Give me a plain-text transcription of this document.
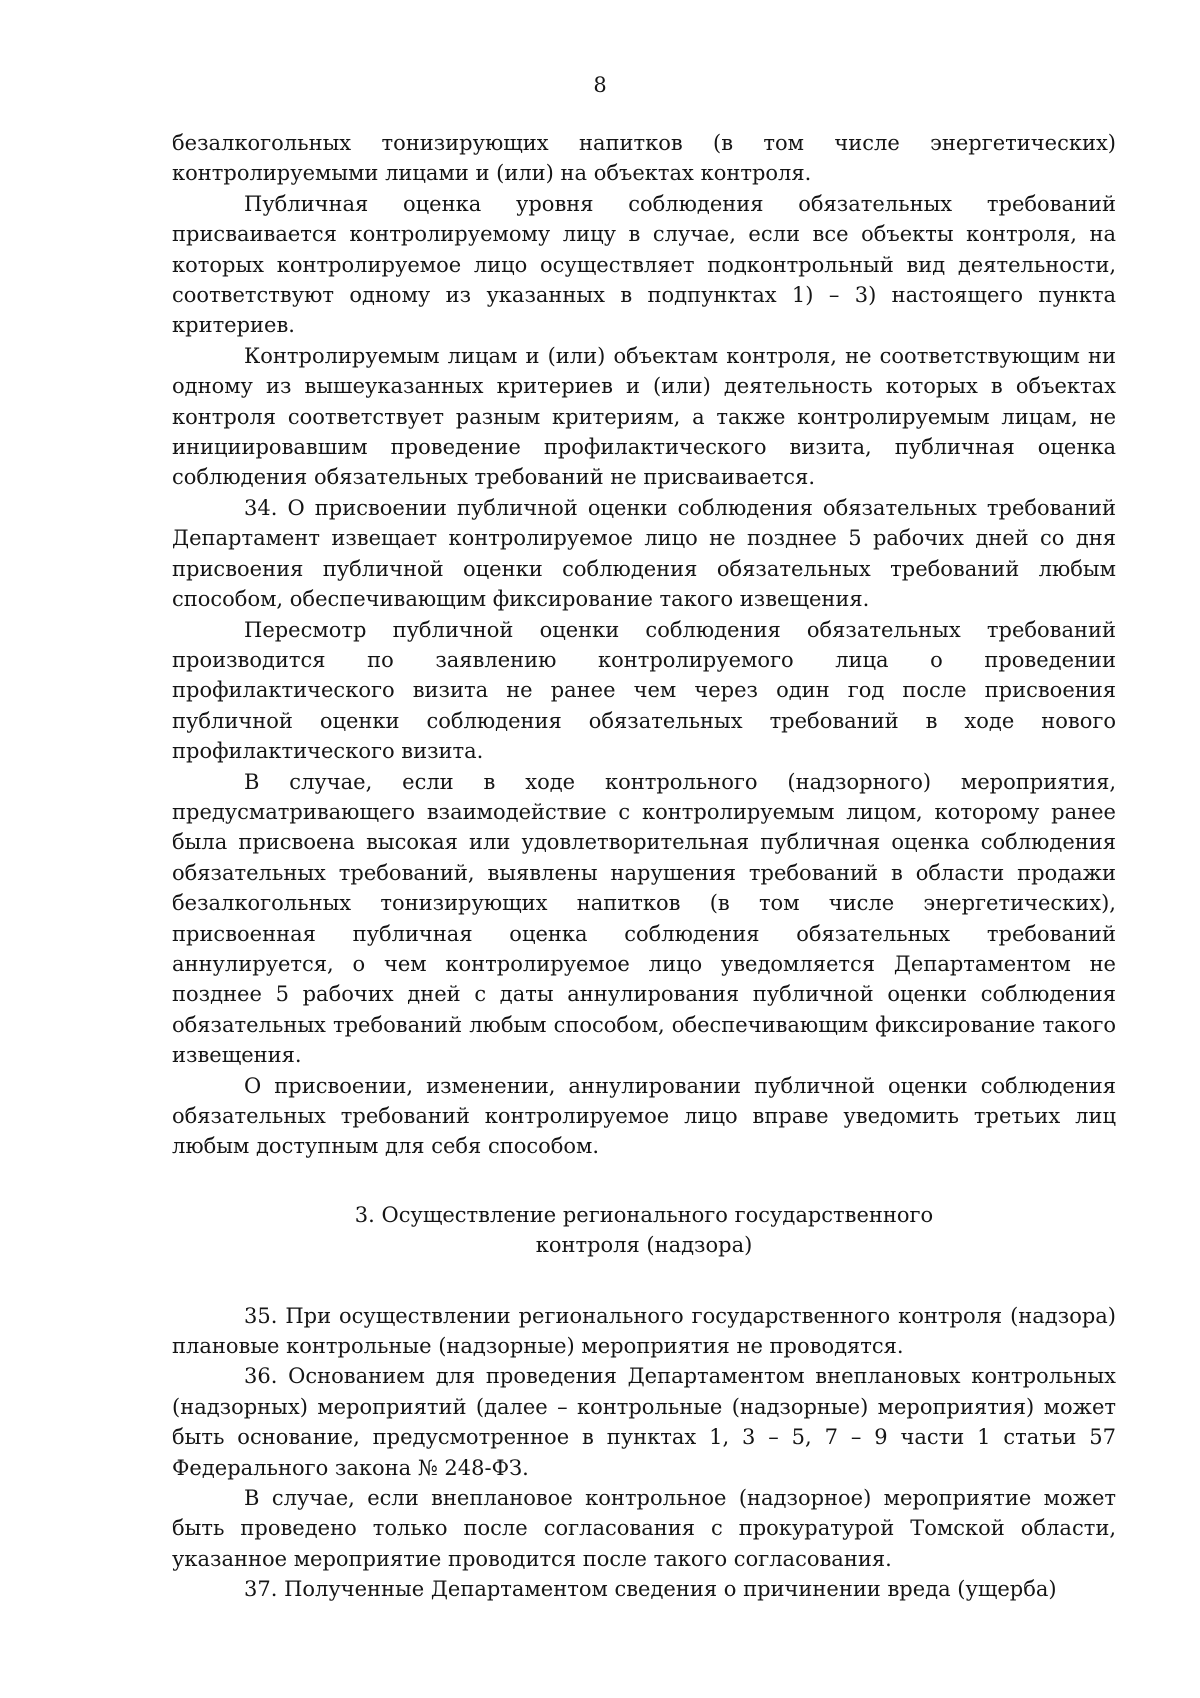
8

безалкогольных тонизирующих напитков (в том числе энергетических) контролируемыми лицами и (или) на объектах контроля.

Публичная оценка уровня соблюдения обязательных требований присваивается контролируемому лицу в случае, если все объекты контроля, на которых контролируемое лицо осуществляет подконтрольный вид деятельности, соответствуют одному из указанных в подпунктах 1) – 3) настоящего пункта критериев.

Контролируемым лицам и (или) объектам контроля, не соответствующим ни одному из вышеуказанных критериев и (или) деятельность которых в объектах контроля соответствует разным критериям, а также контролируемым лицам, не инициировавшим проведение профилактического визита, публичная оценка соблюдения обязательных требований не присваивается.

34. О присвоении публичной оценки соблюдения обязательных требований Департамент извещает контролируемое лицо не позднее 5 рабочих дней со дня присвоения публичной оценки соблюдения обязательных требований любым способом, обеспечивающим фиксирование такого извещения.

Пересмотр публичной оценки соблюдения обязательных требований производится по заявлению контролируемого лица о проведении профилактического визита не ранее чем через один год после присвоения публичной оценки соблюдения обязательных требований в ходе нового профилактического визита.

В случае, если в ходе контрольного (надзорного) мероприятия, предусматривающего взаимодействие с контролируемым лицом, которому ранее была присвоена высокая или удовлетворительная публичная оценка соблюдения обязательных требований, выявлены нарушения требований в области продажи безалкогольных тонизирующих напитков (в том числе энергетических), присвоенная публичная оценка соблюдения обязательных требований аннулируется, о чем контролируемое лицо уведомляется Департаментом не позднее 5 рабочих дней с даты аннулирования публичной оценки соблюдения обязательных требований любым способом, обеспечивающим фиксирование такого извещения.

О присвоении, изменении, аннулировании публичной оценки соблюдения обязательных требований контролируемое лицо вправе уведомить третьих лиц любым доступным для себя способом.

3. Осуществление регионального государственного
контроля (надзора)

35. При осуществлении регионального государственного контроля (надзора) плановые контрольные (надзорные) мероприятия не проводятся.

36. Основанием для проведения Департаментом внеплановых контрольных (надзорных) мероприятий (далее – контрольные (надзорные) мероприятия) может быть основание, предусмотренное в пунктах 1, 3 – 5, 7 – 9 части 1 статьи 57 Федерального закона № 248-ФЗ.

В случае, если внеплановое контрольное (надзорное) мероприятие может быть проведено только после согласования с прокуратурой Томской области, указанное мероприятие проводится после такого согласования.

37. Полученные Департаментом сведения о причинении вреда (ущерба)
